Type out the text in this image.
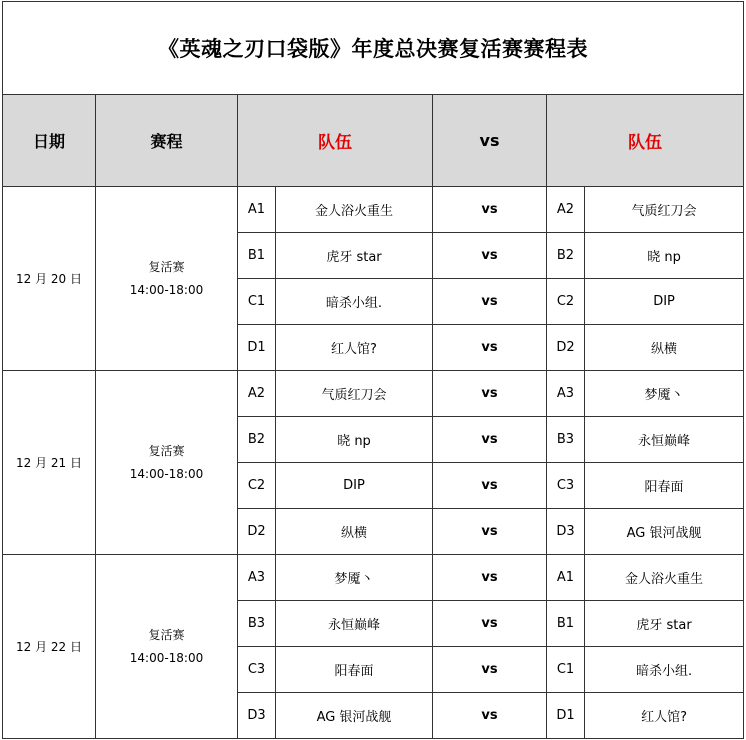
《英魂之刃口袋版》年度总决赛复活赛赛程表						
日期	赛程	队伍		vs	队伍	
12 月 20 日	复活赛
14:00-18:00	A1	金人浴火重生	vs	A2	气质红刀会
		B1	虎牙 star	vs	B2	晓 np
		C1	暗杀小组.	vs	C2	DIP
		D1	红人馆?	vs	D2	纵横
12 月 21 日	复活赛
14:00-18:00	A2	气质红刀会	vs	A3	梦魇丶
		B2	晓 np	vs	B3	永恒巅峰
		C2	DIP	vs	C3	阳春面
		D2	纵横	vs	D3	AG 银河战舰
12 月 22 日	复活赛
14:00-18:00	A3	梦魇丶	vs	A1	金人浴火重生
		B3	永恒巅峰	vs	B1	虎牙 star
		C3	阳春面	vs	C1	暗杀小组.
		D3	AG 银河战舰	vs	D1	红人馆?
